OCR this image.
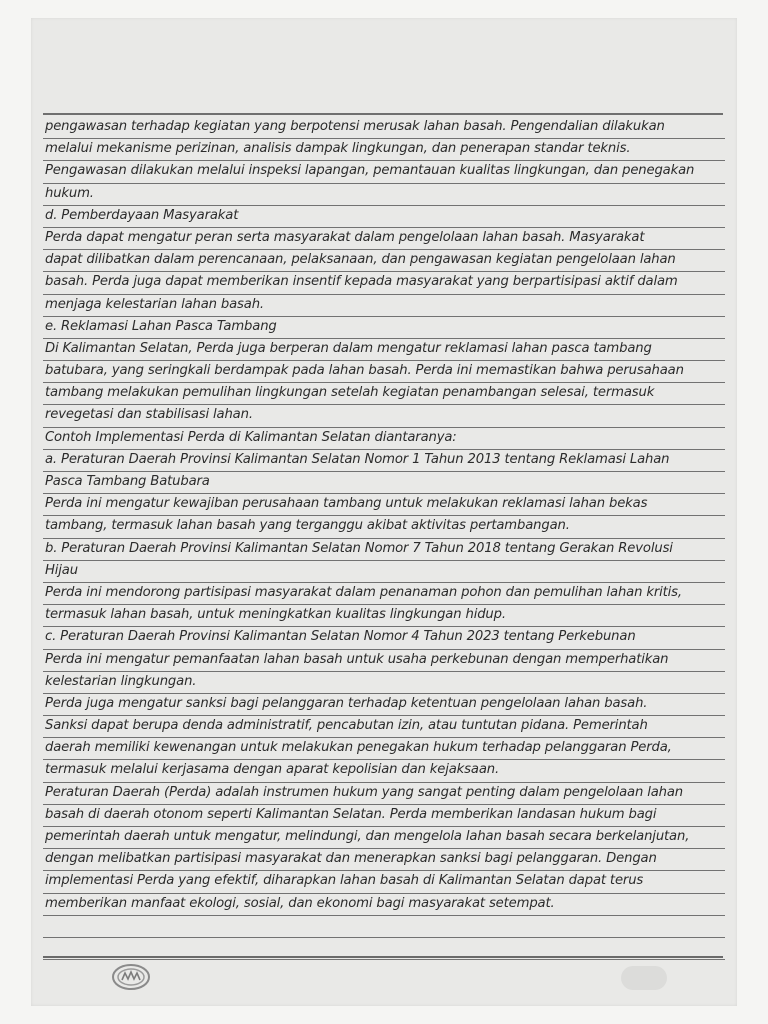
pengawasan terhadap kegiatan yang berpotensi merusak lahan basah. Pengendalian dilakukan
melalui mekanisme perizinan, analisis dampak lingkungan, dan penerapan standar teknis.
Pengawasan dilakukan melalui inspeksi lapangan, pemantauan kualitas lingkungan, dan penegakan
hukum.
d. Pemberdayaan Masyarakat
Perda dapat mengatur peran serta masyarakat dalam pengelolaan lahan basah. Masyarakat
dapat dilibatkan dalam perencanaan, pelaksanaan, dan pengawasan kegiatan pengelolaan lahan
basah. Perda juga dapat memberikan insentif kepada masyarakat yang berpartisipasi aktif dalam
menjaga kelestarian lahan basah.
e. Reklamasi Lahan Pasca Tambang
Di Kalimantan Selatan, Perda juga berperan dalam mengatur reklamasi lahan pasca tambang
batubara, yang seringkali berdampak pada lahan basah. Perda ini memastikan bahwa perusahaan
tambang melakukan pemulihan lingkungan setelah kegiatan penambangan selesai, termasuk
revegetasi dan stabilisasi lahan.
Contoh Implementasi Perda di Kalimantan Selatan diantaranya:
a. Peraturan Daerah Provinsi Kalimantan Selatan Nomor 1 Tahun 2013 tentang Reklamasi Lahan
Pasca Tambang Batubara
Perda ini mengatur kewajiban perusahaan tambang untuk melakukan reklamasi lahan bekas
tambang, termasuk lahan basah yang terganggu akibat aktivitas pertambangan.
b. Peraturan Daerah Provinsi Kalimantan Selatan Nomor 7 Tahun 2018 tentang Gerakan Revolusi
Hijau
Perda ini mendorong partisipasi masyarakat dalam penanaman pohon dan pemulihan lahan kritis,
termasuk lahan basah, untuk meningkatkan kualitas lingkungan hidup.
c. Peraturan Daerah Provinsi Kalimantan Selatan Nomor 4 Tahun 2023 tentang Perkebunan
Perda ini mengatur pemanfaatan lahan basah untuk usaha perkebunan dengan memperhatikan
kelestarian lingkungan.
Perda juga mengatur sanksi bagi pelanggaran terhadap ketentuan pengelolaan lahan basah.
Sanksi dapat berupa denda administratif, pencabutan izin, atau tuntutan pidana. Pemerintah
daerah memiliki kewenangan untuk melakukan penegakan hukum terhadap pelanggaran Perda,
termasuk melalui kerjasama dengan aparat kepolisian dan kejaksaan.
Peraturan Daerah (Perda) adalah instrumen hukum yang sangat penting dalam pengelolaan lahan
basah di daerah otonom seperti Kalimantan Selatan. Perda memberikan landasan hukum bagi
pemerintah daerah untuk mengatur, melindungi, dan mengelola lahan basah secara berkelanjutan,
dengan melibatkan partisipasi masyarakat dan menerapkan sanksi bagi pelanggaran. Dengan
implementasi Perda yang efektif, diharapkan lahan basah di Kalimantan Selatan dapat terus
memberikan manfaat ekologi, sosial, dan ekonomi bagi masyarakat setempat.
